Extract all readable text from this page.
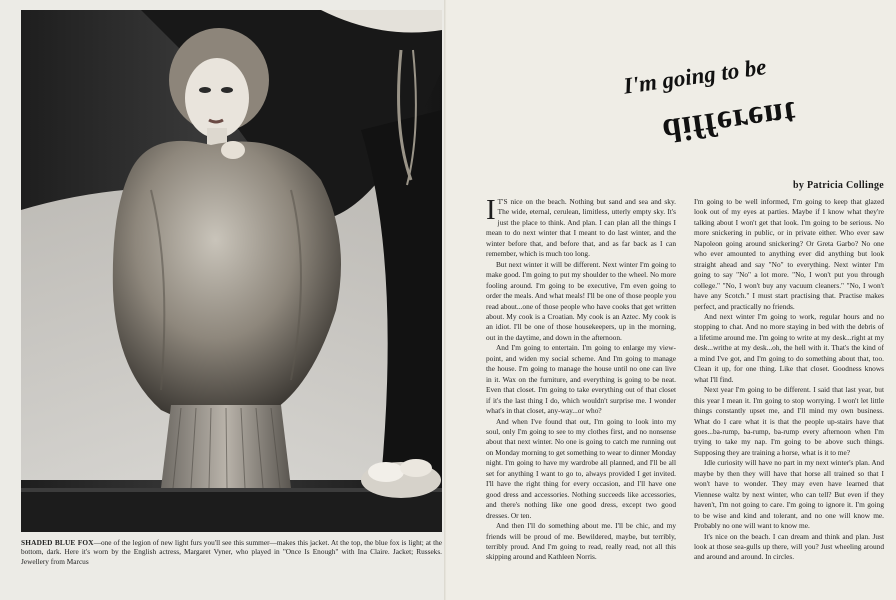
SHADED BLUE FOX—one of the legion of new light furs you'll see this summer—makes this jacket. At the top, the blue fox is light; at the bottom, dark. Here it's worn by the English actress, Margaret Vyner, who played in "Once Is Enough" with Ina Claire. Jacket; Russeks. Jewellery from Marcus
I'm going to be
different
by Patricia Collinge

I T'S nice on the beach. Nothing but sand and sea and sky. The wide, eternal, cerulean, limitless, utterly empty sky. It's just the place to think. And plan. I can plan all the things I mean to do next winter that I meant to do last winter, and the winter before that, and before that, and as far back as I can remember, which is much too long.

But next winter it will be different. Next winter I'm going to make good. I'm going to put my shoulder to the wheel. No more fooling around. I'm going to be executive, I'm even going to order the meals. And what meals! I'll be one of those people you read about...one of those people who have cooks that get written about. My cook is a Croatian. My cook is an Aztec. My cook is an idiot. I'll be one of those housekeepers, up in the morning, out in the daytime, and down in the afternoon.

And I'm going to entertain. I'm going to enlarge my view-point, and widen my social scheme. And I'm going to manage the house. I'm going to manage the house until no one can live in it. Wax on the furniture, and everything is going to be neat. Even that closet. I'm going to take everything out of that closet if it's the last thing I do, which wouldn't surprise me. I wonder what's in that closet, any-way...or who?

And when I've found that out, I'm going to look into my soul, only I'm going to see to my clothes first, and no nonsense about that next winter. No one is going to catch me running out on Monday morning to get something to wear to dinner Monday night. I'm going to have my wardrobe all planned, and I'll be all set for anything I want to go to, always provided I get invited. I'll have the right thing for every occasion, and I'll have one good dress and accessories. Nothing succeeds like accessories, and there's nothing like one good dress, except two good dresses. Or ten.

And then I'll do something about me. I'll be chic, and my friends will be proud of me. Bewildered, maybe, but terribly, terribly proud. And I'm going to read, really read, not all this skipping around and Kathleen Norris.

I'm going to be well informed, I'm going to keep that glazed look out of my eyes at parties. Maybe if I know what they're talking about I won't get that look. I'm going to be serious. No more snickering in public, or in private either. Who ever saw Napoleon going around snickering? Or Greta Garbo? No one who ever amounted to anything ever did anything but look straight ahead and say "No" to everything. Next winter I'm going to say "No" a lot more. "No, I won't put you through college." "No, I won't buy any vacuum cleaners." "No, I won't have any Scotch." I must start practising that. Practise makes perfect, and practically no friends.

And next winter I'm going to work, regular hours and no stopping to chat. And no more staying in bed with the debris of a lifetime around me. I'm going to write at my desk...right at my desk...writhe at my desk...oh, the hell with it. That's the kind of a mind I've got, and I'm going to do something about that, too. Clean it up, for one thing. Like that closet. Goodness knows what I'll find.

Next year I'm going to be different. I said that last year, but this year I mean it. I'm going to stop worrying. I won't let little things constantly upset me, and I'll mind my own business. What do I care what it is that the people up-stairs have that goes...ba-rump, ba-rump, ba-rump every afternoon when I'm trying to take my nap. I'm going to be above such things. Supposing they are training a horse, what is it to me?

Idle curiosity will have no part in my next winter's plan. And maybe by then they will have that horse all trained so that I won't have to wonder. They may even have learned that Viennese waltz by next winter, who can tell? But even if they haven't, I'm not going to care. I'm going to ignore it. I'm going to be wise and kind and tolerant, and no one will know me. Probably no one will want to know me.

It's nice on the beach. I can dream and think and plan. Just look at those sea-gulls up there, will you? Just wheeling around and around and around. In circles.
